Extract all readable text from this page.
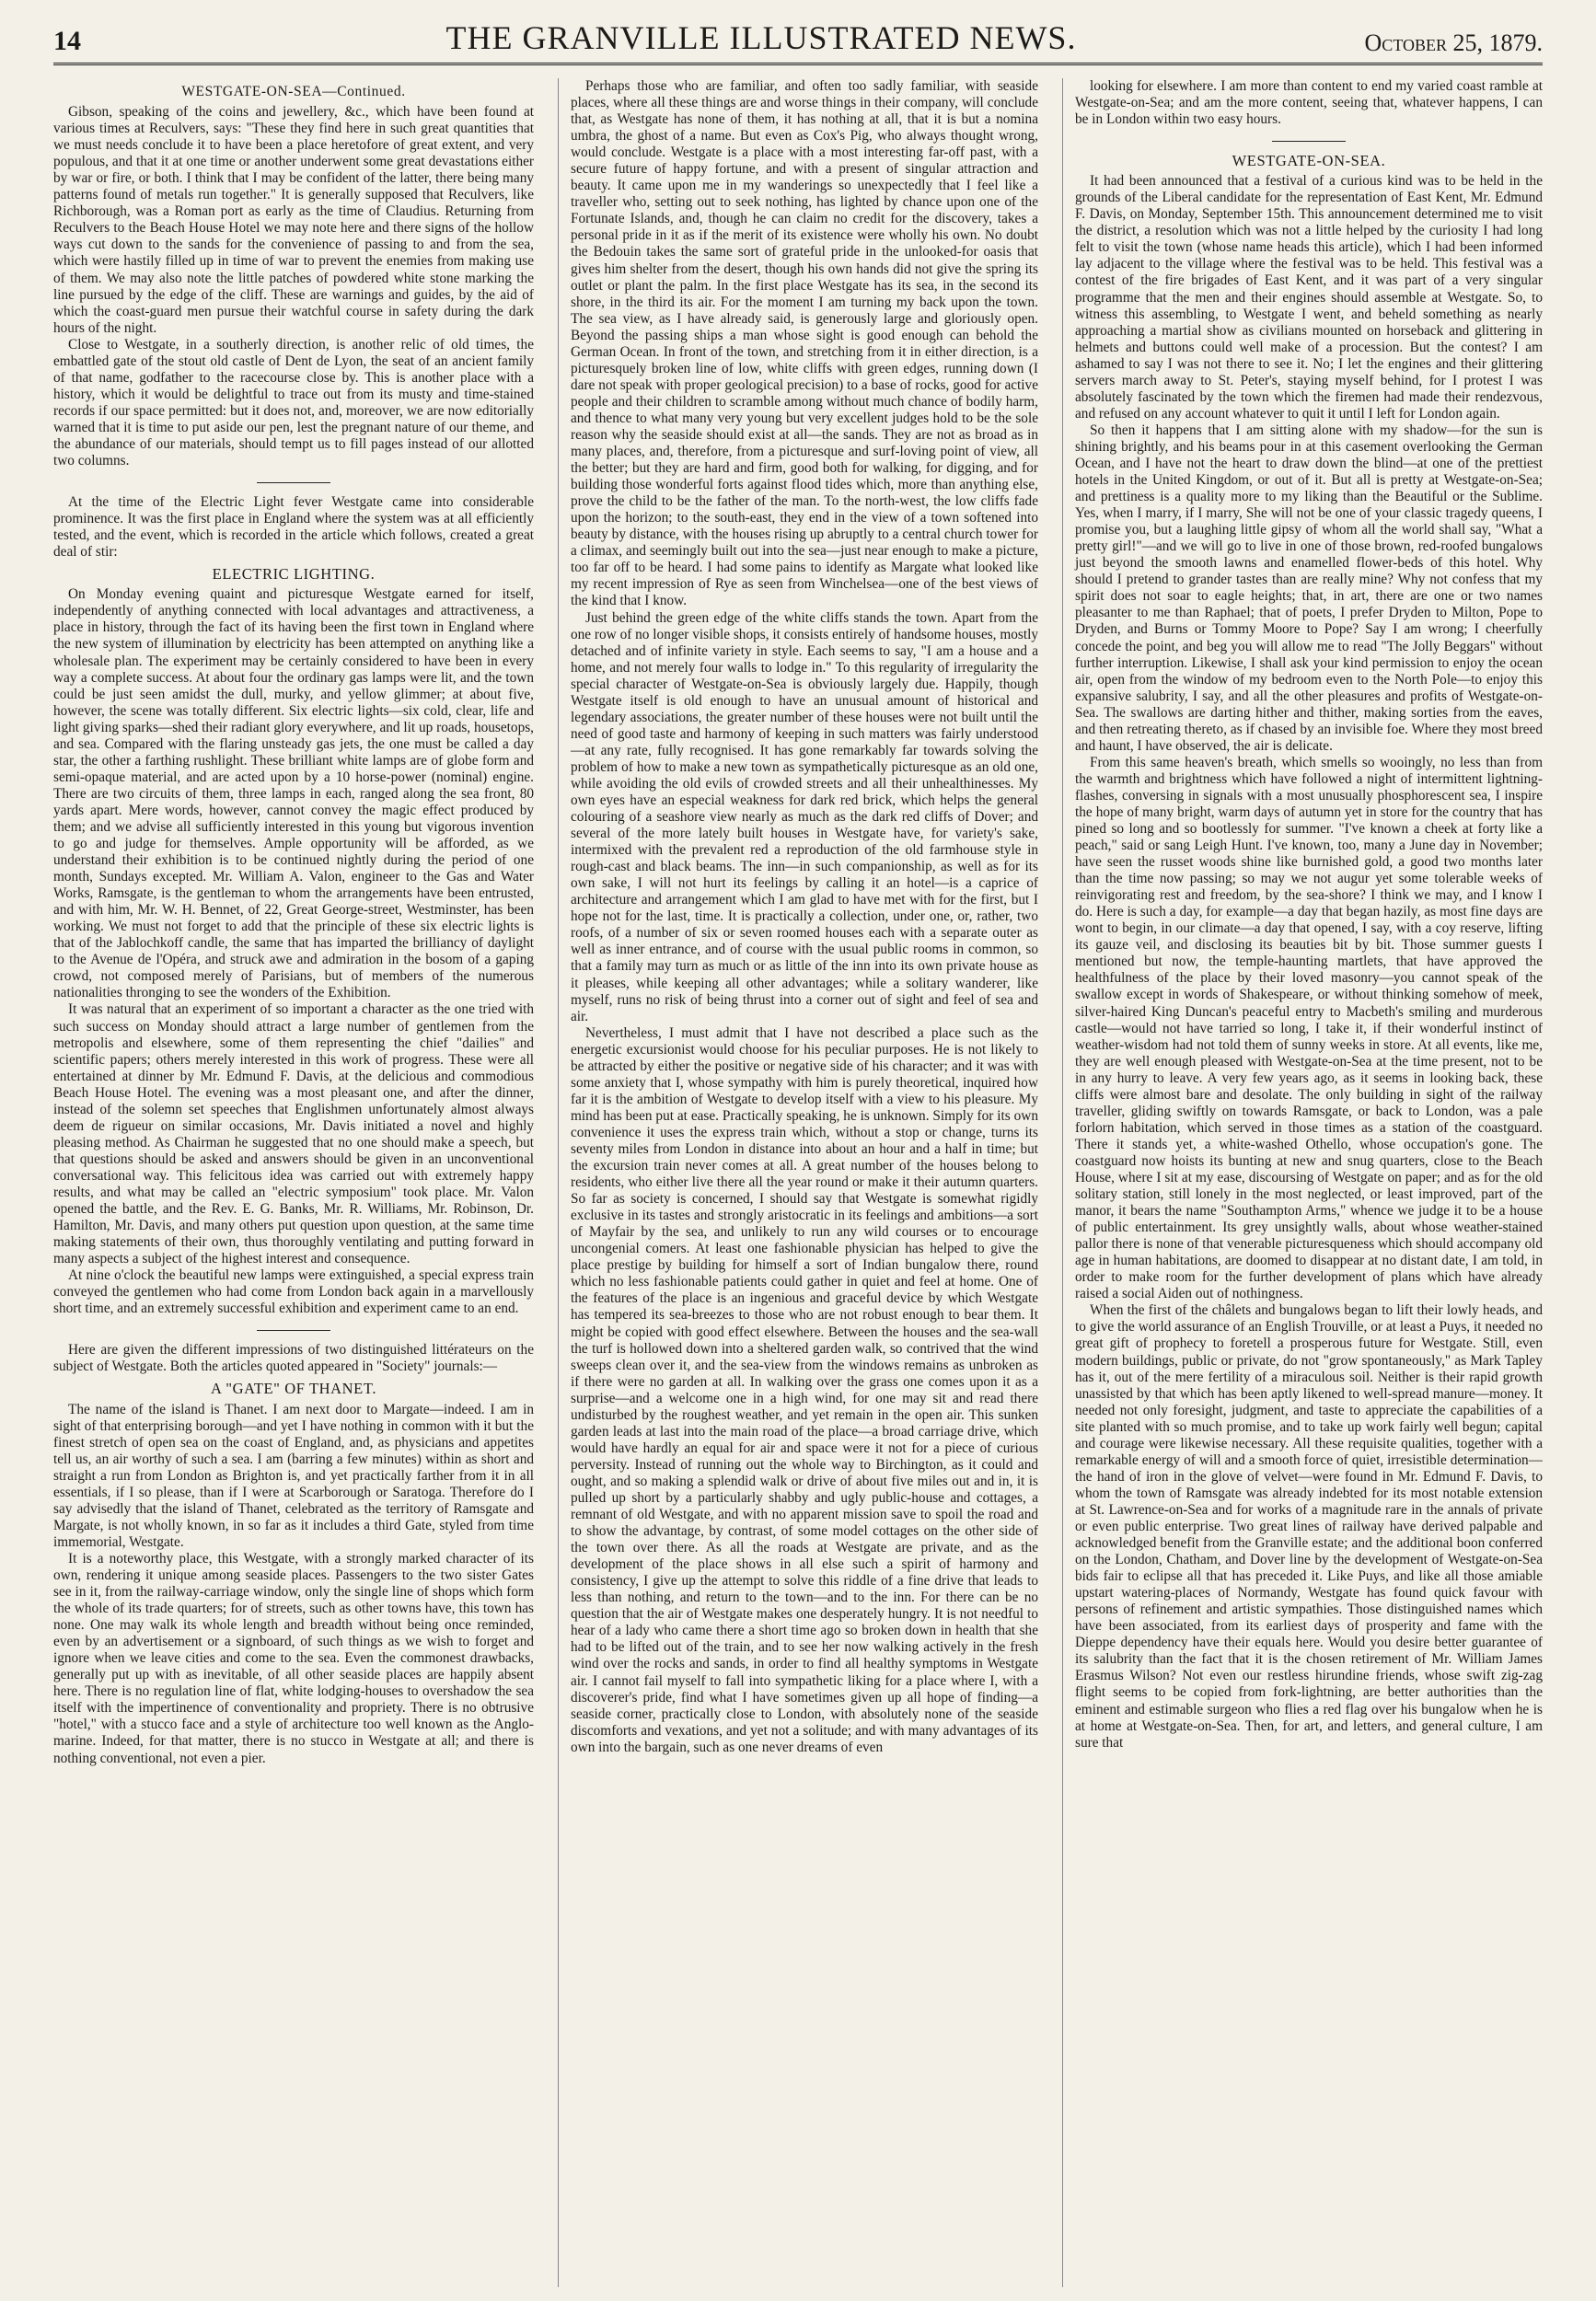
14	THE GRANVILLE ILLUSTRATED NEWS.	October 25, 1879.
WESTGATE-ON-SEA—Continued.

Gibson, speaking of the coins and jewellery, &c., which have been found at various times at Reculvers, says: "These they find here in such great quantities that we must needs conclude it to have been a place heretofore of great extent, and very populous, and that it at one time or another underwent some great devastations either by war or fire, or both. I think that I may be confident of the latter, there being many patterns found of metals run together." It is generally supposed that Reculvers, like Richborough, was a Roman port as early as the time of Claudius. Returning from Reculvers to the Beach House Hotel we may note here and there signs of the hollow ways cut down to the sands for the convenience of passing to and from the sea, which were hastily filled up in time of war to prevent the enemies from making use of them. We may also note the little patches of powdered white stone marking the line pursued by the edge of the cliff. These are warnings and guides, by the aid of which the coast-guard men pursue their watchful course in safety during the dark hours of the night.

Close to Westgate, in a southerly direction, is another relic of old times, the embattled gate of the stout old castle of Dent de Lyon, the seat of an ancient family of that name, godfather to the racecourse close by. This is another place with a history, which it would be delightful to trace out from its musty and time-stained records if our space permitted: but it does not, and, moreover, we are now editorially warned that it is time to put aside our pen, lest the pregnant nature of our theme, and the abundance of our materials, should tempt us to fill pages instead of our allotted two columns.

At the time of the Electric Light fever Westgate came into considerable prominence. It was the first place in England where the system was at all efficiently tested, and the event, which is recorded in the article which follows, created a great deal of stir:

ELECTRIC LIGHTING.

On Monday evening quaint and picturesque Westgate earned for itself, independently of anything connected with local advantages and attractiveness, a place in history, through the fact of its having been the first town in England where the new system of illumination by electricity has been attempted on anything like a wholesale plan. The experiment may be certainly considered to have been in every way a complete success. At about four the ordinary gas lamps were lit, and the town could be just seen amidst the dull, murky, and yellow glimmer; at about five, however, the scene was totally different. Six electric lights—six cold, clear, life and light giving sparks—shed their radiant glory everywhere, and lit up roads, housetops, and sea. Compared with the flaring unsteady gas jets, the one must be called a day star, the other a farthing rushlight. These brilliant white lamps are of globe form and semi-opaque material, and are acted upon by a 10 horse-power (nominal) engine. There are two circuits of them, three lamps in each, ranged along the sea front, 80 yards apart. Mere words, however, cannot convey the magic effect produced by them; and we advise all sufficiently interested in this young but vigorous invention to go and judge for themselves. Ample opportunity will be afforded, as we understand their exhibition is to be continued nightly during the period of one month, Sundays excepted. Mr. William A. Valon, engineer to the Gas and Water Works, Ramsgate, is the gentleman to whom the arrangements have been entrusted, and with him, Mr. W. H. Bennet, of 22, Great George-street, Westminster, has been working. We must not forget to add that the principle of these six electric lights is that of the Jablochkoff candle, the same that has imparted the brilliancy of daylight to the Avenue de l'Opéra, and struck awe and admiration in the bosom of a gaping crowd, not composed merely of Parisians, but of members of the numerous nationalities thronging to see the wonders of the Exhibition.

It was natural that an experiment of so important a character as the one tried with such success on Monday should attract a large number of gentlemen from the metropolis and elsewhere, some of them representing the chief "dailies" and scientific papers; others merely interested in this work of progress. These were all entertained at dinner by Mr. Edmund F. Davis, at the delicious and commodious Beach House Hotel. The evening was a most pleasant one, and after the dinner, instead of the solemn set speeches that Englishmen unfortunately almost always deem de rigueur on similar occasions, Mr. Davis initiated a novel and highly pleasing method. As Chairman he suggested that no one should make a speech, but that questions should be asked and answers should be given in an unconventional conversational way. This felicitous idea was carried out with extremely happy results, and what may be called an "electric symposium" took place. Mr. Valon opened the battle, and the Rev. E. G. Banks, Mr. R. Williams, Mr. Robinson, Dr. Hamilton, Mr. Davis, and many others put question upon question, at the same time making statements of their own, thus thoroughly ventilating and putting forward in many aspects a subject of the highest interest and consequence.

At nine o'clock the beautiful new lamps were extinguished, a special express train conveyed the gentlemen who had come from London back again in a marvellously short time, and an extremely successful exhibition and experiment came to an end.

Here are given the different impressions of two distinguished littérateurs on the subject of Westgate. Both the articles quoted appeared in "Society" journals:—

A "GATE" OF THANET.

The name of the island is Thanet. I am next door to Margate—indeed. I am in sight of that enterprising borough—and yet I have nothing in common with it but the finest stretch of open sea on the coast of England, and, as physicians and appetites tell us, an air worthy of such a sea. I am (barring a few minutes) within as short and straight a run from London as Brighton is, and yet practically farther from it in all essentials, if I so please, than if I were at Scarborough or Saratoga. Therefore do I say advisedly that the island of Thanet, celebrated as the territory of Ramsgate and Margate, is not wholly known, in so far as it includes a third Gate, styled from time immemorial, Westgate.

It is a noteworthy place, this Westgate, with a strongly marked character of its own, rendering it unique among seaside places. Passengers to the two sister Gates see in it, from the railway-carriage window, only the single line of shops which form the whole of its trade quarters; for of streets, such as other towns have, this town has none. One may walk its whole length and breadth without being once reminded, even by an advertisement or a signboard, of such things as we wish to forget and ignore when we leave cities and come to the sea. Even the commonest drawbacks, generally put up with as inevitable, of all other seaside places are happily absent here. There is no regulation line of flat, white lodging-houses to overshadow the sea itself with the impertinence of conventionality and propriety. There is no obtrusive "hotel," with a stucco face and a style of architecture too well known as the Anglo-marine. Indeed, for that matter, there is no stucco in Westgate at all; and there is nothing conventional, not even a pier.

Perhaps those who are familiar, and often too sadly familiar, with seaside places, where all these things are and worse things in their company, will conclude that, as Westgate has none of them, it has nothing at all, that it is but a nomina umbra, the ghost of a name. But even as Cox's Pig, who always thought wrong, would conclude. Westgate is a place with a most interesting far-off past, with a secure future of happy fortune, and with a present of singular attraction and beauty. It came upon me in my wanderings so unexpectedly that I feel like a traveller who, setting out to seek nothing, has lighted by chance upon one of the Fortunate Islands, and, though he can claim no credit for the discovery, takes a personal pride in it as if the merit of its existence were wholly his own. No doubt the Bedouin takes the same sort of grateful pride in the unlooked-for oasis that gives him shelter from the desert, though his own hands did not give the spring its outlet or plant the palm. In the first place Westgate has its sea, in the second its shore, in the third its air. For the moment I am turning my back upon the town. The sea view, as I have already said, is generously large and gloriously open. Beyond the passing ships a man whose sight is good enough can behold the German Ocean. In front of the town, and stretching from it in either direction, is a picturesquely broken line of low, white cliffs with green edges, running down (I dare not speak with proper geological precision) to a base of rocks, good for active people and their children to scramble among without much chance of bodily harm, and thence to what many very young but very excellent judges hold to be the sole reason why the seaside should exist at all—the sands. They are not as broad as in many places, and, therefore, from a picturesque and surf-loving point of view, all the better; but they are hard and firm, good both for walking, for digging, and for building those wonderful forts against flood tides which, more than anything else, prove the child to be the father of the man. To the north-west, the low cliffs fade upon the horizon; to the south-east, they end in the view of a town softened into beauty by distance, with the houses rising up abruptly to a central church tower for a climax, and seemingly built out into the sea—just near enough to make a picture, too far off to be heard. I had some pains to identify as Margate what looked like my recent impression of Rye as seen from Winchelsea—one of the best views of the kind that I know.

Just behind the green edge of the white cliffs stands the town. Apart from the one row of no longer visible shops, it consists entirely of handsome houses, mostly detached and of infinite variety in style. Each seems to say, "I am a house and a home, and not merely four walls to lodge in." To this regularity of irregularity the special character of Westgate-on-Sea is obviously largely due. Happily, though Westgate itself is old enough to have an unusual amount of historical and legendary associations, the greater number of these houses were not built until the need of good taste and harmony of keeping in such matters was fairly understood—at any rate, fully recognised. It has gone remarkably far towards solving the problem of how to make a new town as sympathetically picturesque as an old one, while avoiding the old evils of crowded streets and all their unhealthinesses. My own eyes have an especial weakness for dark red brick, which helps the general colouring of a seashore view nearly as much as the dark red cliffs of Dover; and several of the more lately built houses in Westgate have, for variety's sake, intermixed with the prevalent red a reproduction of the old farmhouse style in rough-cast and black beams. The inn—in such companionship, as well as for its own sake, I will not hurt its feelings by calling it an hotel—is a caprice of architecture and arrangement which I am glad to have met with for the first, but I hope not for the last, time. It is practically a collection, under one, or, rather, two roofs, of a number of six or seven roomed houses each with a separate outer as well as inner entrance, and of course with the usual public rooms in common, so that a family may turn as much or as little of the inn into its own private house as it pleases, while keeping all other advantages; while a solitary wanderer, like myself, runs no risk of being thrust into a corner out of sight and feel of sea and air.

Nevertheless, I must admit that I have not described a place such as the energetic excursionist would choose for his peculiar purposes. He is not likely to be attracted by either the positive or negative side of his character; and it was with some anxiety that I, whose sympathy with him is purely theoretical, inquired how far it is the ambition of Westgate to develop itself with a view to his pleasure. My mind has been put at ease. Practically speaking, he is unknown. Simply for its own convenience it uses the express train which, without a stop or change, turns its seventy miles from London in distance into about an hour and a half in time; but the excursion train never comes at all. A great number of the houses belong to residents, who either live there all the year round or make it their autumn quarters. So far as society is concerned, I should say that Westgate is somewhat rigidly exclusive in its tastes and strongly aristocratic in its feelings and ambitions—a sort of Mayfair by the sea, and unlikely to run any wild courses or to encourage uncongenial comers. At least one fashionable physician has helped to give the place prestige by building for himself a sort of Indian bungalow there, round which no less fashionable patients could gather in quiet and feel at home. One of the features of the place is an ingenious and graceful device by which Westgate has tempered its sea-breezes to those who are not robust enough to bear them. It might be copied with good effect elsewhere. Between the houses and the sea-wall the turf is hollowed down into a sheltered garden walk, so contrived that the wind sweeps clean over it, and the sea-view from the windows remains as unbroken as if there were no garden at all. In walking over the grass one comes upon it as a surprise—and a welcome one in a high wind, for one may sit and read there undisturbed by the roughest weather, and yet remain in the open air. This sunken garden leads at last into the main road of the place—a broad carriage drive, which would have hardly an equal for air and space were it not for a piece of curious perversity. Instead of running out the whole way to Birchington, as it could and ought, and so making a splendid walk or drive of about five miles out and in, it is pulled up short by a particularly shabby and ugly public-house and cottages, a remnant of old Westgate, and with no apparent mission save to spoil the road and to show the advantage, by contrast, of some model cottages on the other side of the town over there. As all the roads at Westgate are private, and as the development of the place shows in all else such a spirit of harmony and consistency, I give up the attempt to solve this riddle of a fine drive that leads to less than nothing, and return to the town—and to the inn. For there can be no question that the air of Westgate makes one desperately hungry. It is not needful to hear of a lady who came there a short time ago so broken down in health that she had to be lifted out of the train, and to see her now walking actively in the fresh wind over the rocks and sands, in order to find all healthy symptoms in Westgate air. I cannot fail myself to fall into sympathetic liking for a place where I, with a discoverer's pride, find what I have sometimes given up all hope of finding—a seaside corner, practically close to London, with absolutely none of the seaside discomforts and vexations, and yet not a solitude; and with many advantages of its own into the bargain, such as one never dreams of even

looking for elsewhere. I am more than content to end my varied coast ramble at Westgate-on-Sea; and am the more content, seeing that, whatever happens, I can be in London within two easy hours.

WESTGATE-ON-SEA.

It had been announced that a festival of a curious kind was to be held in the grounds of the Liberal candidate for the representation of East Kent, Mr. Edmund F. Davis, on Monday, September 15th. This announcement determined me to visit the district, a resolution which was not a little helped by the curiosity I had long felt to visit the town (whose name heads this article), which I had been informed lay adjacent to the village where the festival was to be held. This festival was a contest of the fire brigades of East Kent, and it was part of a very singular programme that the men and their engines should assemble at Westgate. So, to witness this assembling, to Westgate I went, and beheld something as nearly approaching a martial show as civilians mounted on horseback and glittering in helmets and buttons could well make of a procession. But the contest? I am ashamed to say I was not there to see it. No; I let the engines and their glittering servers march away to St. Peter's, staying myself behind, for I protest I was absolutely fascinated by the town which the firemen had made their rendezvous, and refused on any account whatever to quit it until I left for London again.

So then it happens that I am sitting alone with my shadow—for the sun is shining brightly, and his beams pour in at this casement overlooking the German Ocean, and I have not the heart to draw down the blind—at one of the prettiest hotels in the United Kingdom, or out of it. But all is pretty at Westgate-on-Sea; and prettiness is a quality more to my liking than the Beautiful or the Sublime. Yes, when I marry, if I marry, She will not be one of your classic tragedy queens, I promise you, but a laughing little gipsy of whom all the world shall say, "What a pretty girl!"—and we will go to live in one of those brown, red-roofed bungalows just beyond the smooth lawns and enamelled flower-beds of this hotel. Why should I pretend to grander tastes than are really mine? Why not confess that my spirit does not soar to eagle heights; that, in art, there are one or two names pleasanter to me than Raphael; that of poets, I prefer Dryden to Milton, Pope to Dryden, and Burns or Tommy Moore to Pope? Say I am wrong; I cheerfully concede the point, and beg you will allow me to read "The Jolly Beggars" without further interruption. Likewise, I shall ask your kind permission to enjoy the ocean air, open from the window of my bedroom even to the North Pole—to enjoy this expansive salubrity, I say, and all the other pleasures and profits of Westgate-on-Sea. The swallows are darting hither and thither, making sorties from the eaves, and then retreating thereto, as if chased by an invisible foe. Where they most breed and haunt, I have observed, the air is delicate.

From this same heaven's breath, which smells so wooingly, no less than from the warmth and brightness which have followed a night of intermittent lightning-flashes, conversing in signals with a most unusually phosphorescent sea, I inspire the hope of many bright, warm days of autumn yet in store for the country that has pined so long and so bootlessly for summer. "I've known a cheek at forty like a peach," said or sang Leigh Hunt. I've known, too, many a June day in November; have seen the russet woods shine like burnished gold, a good two months later than the time now passing; so may we not augur yet some tolerable weeks of reinvigorating rest and freedom, by the sea-shore? I think we may, and I know I do. Here is such a day, for example—a day that began hazily, as most fine days are wont to begin, in our climate—a day that opened, I say, with a coy reserve, lifting its gauze veil, and disclosing its beauties bit by bit. Those summer guests I mentioned but now, the temple-haunting martlets, that have approved the healthfulness of the place by their loved masonry—you cannot speak of the swallow except in words of Shakespeare, or without thinking somehow of meek, silver-haired King Duncan's peaceful entry to Macbeth's smiling and murderous castle—would not have tarried so long, I take it, if their wonderful instinct of weather-wisdom had not told them of sunny weeks in store. At all events, like me, they are well enough pleased with Westgate-on-Sea at the time present, not to be in any hurry to leave. A very few years ago, as it seems in looking back, these cliffs were almost bare and desolate. The only building in sight of the railway traveller, gliding swiftly on towards Ramsgate, or back to London, was a pale forlorn habitation, which served in those times as a station of the coastguard. There it stands yet, a white-washed Othello, whose occupation's gone. The coastguard now hoists its bunting at new and snug quarters, close to the Beach House, where I sit at my ease, discoursing of Westgate on paper; and as for the old solitary station, still lonely in the most neglected, or least improved, part of the manor, it bears the name "Southampton Arms," whence we judge it to be a house of public entertainment. Its grey unsightly walls, about whose weather-stained pallor there is none of that venerable picturesqueness which should accompany old age in human habitations, are doomed to disappear at no distant date, I am told, in order to make room for the further development of plans which have already raised a social Aiden out of nothingness.

When the first of the châlets and bungalows began to lift their lowly heads, and to give the world assurance of an English Trouville, or at least a Puys, it needed no great gift of prophecy to foretell a prosperous future for Westgate. Still, even modern buildings, public or private, do not "grow spontaneously," as Mark Tapley has it, out of the mere fertility of a miraculous soil. Neither is their rapid growth unassisted by that which has been aptly likened to well-spread manure—money. It needed not only foresight, judgment, and taste to appreciate the capabilities of a site planted with so much promise, and to take up work fairly well begun; capital and courage were likewise necessary. All these requisite qualities, together with a remarkable energy of will and a smooth force of quiet, irresistible determination—the hand of iron in the glove of velvet—were found in Mr. Edmund F. Davis, to whom the town of Ramsgate was already indebted for its most notable extension at St. Lawrence-on-Sea and for works of a magnitude rare in the annals of private or even public enterprise. Two great lines of railway have derived palpable and acknowledged benefit from the Granville estate; and the additional boon conferred on the London, Chatham, and Dover line by the development of Westgate-on-Sea bids fair to eclipse all that has preceded it. Like Puys, and like all those amiable upstart watering-places of Normandy, Westgate has found quick favour with persons of refinement and artistic sympathies. Those distinguished names which have been associated, from its earliest days of prosperity and fame with the Dieppe dependency have their equals here. Would you desire better guarantee of its salubrity than the fact that it is the chosen retirement of Mr. William James Erasmus Wilson? Not even our restless hirundine friends, whose swift zig-zag flight seems to be copied from fork-lightning, are better authorities than the eminent and estimable surgeon who flies a red flag over his bungalow when he is at home at Westgate-on-Sea. Then, for art, and letters, and general culture, I am sure that
